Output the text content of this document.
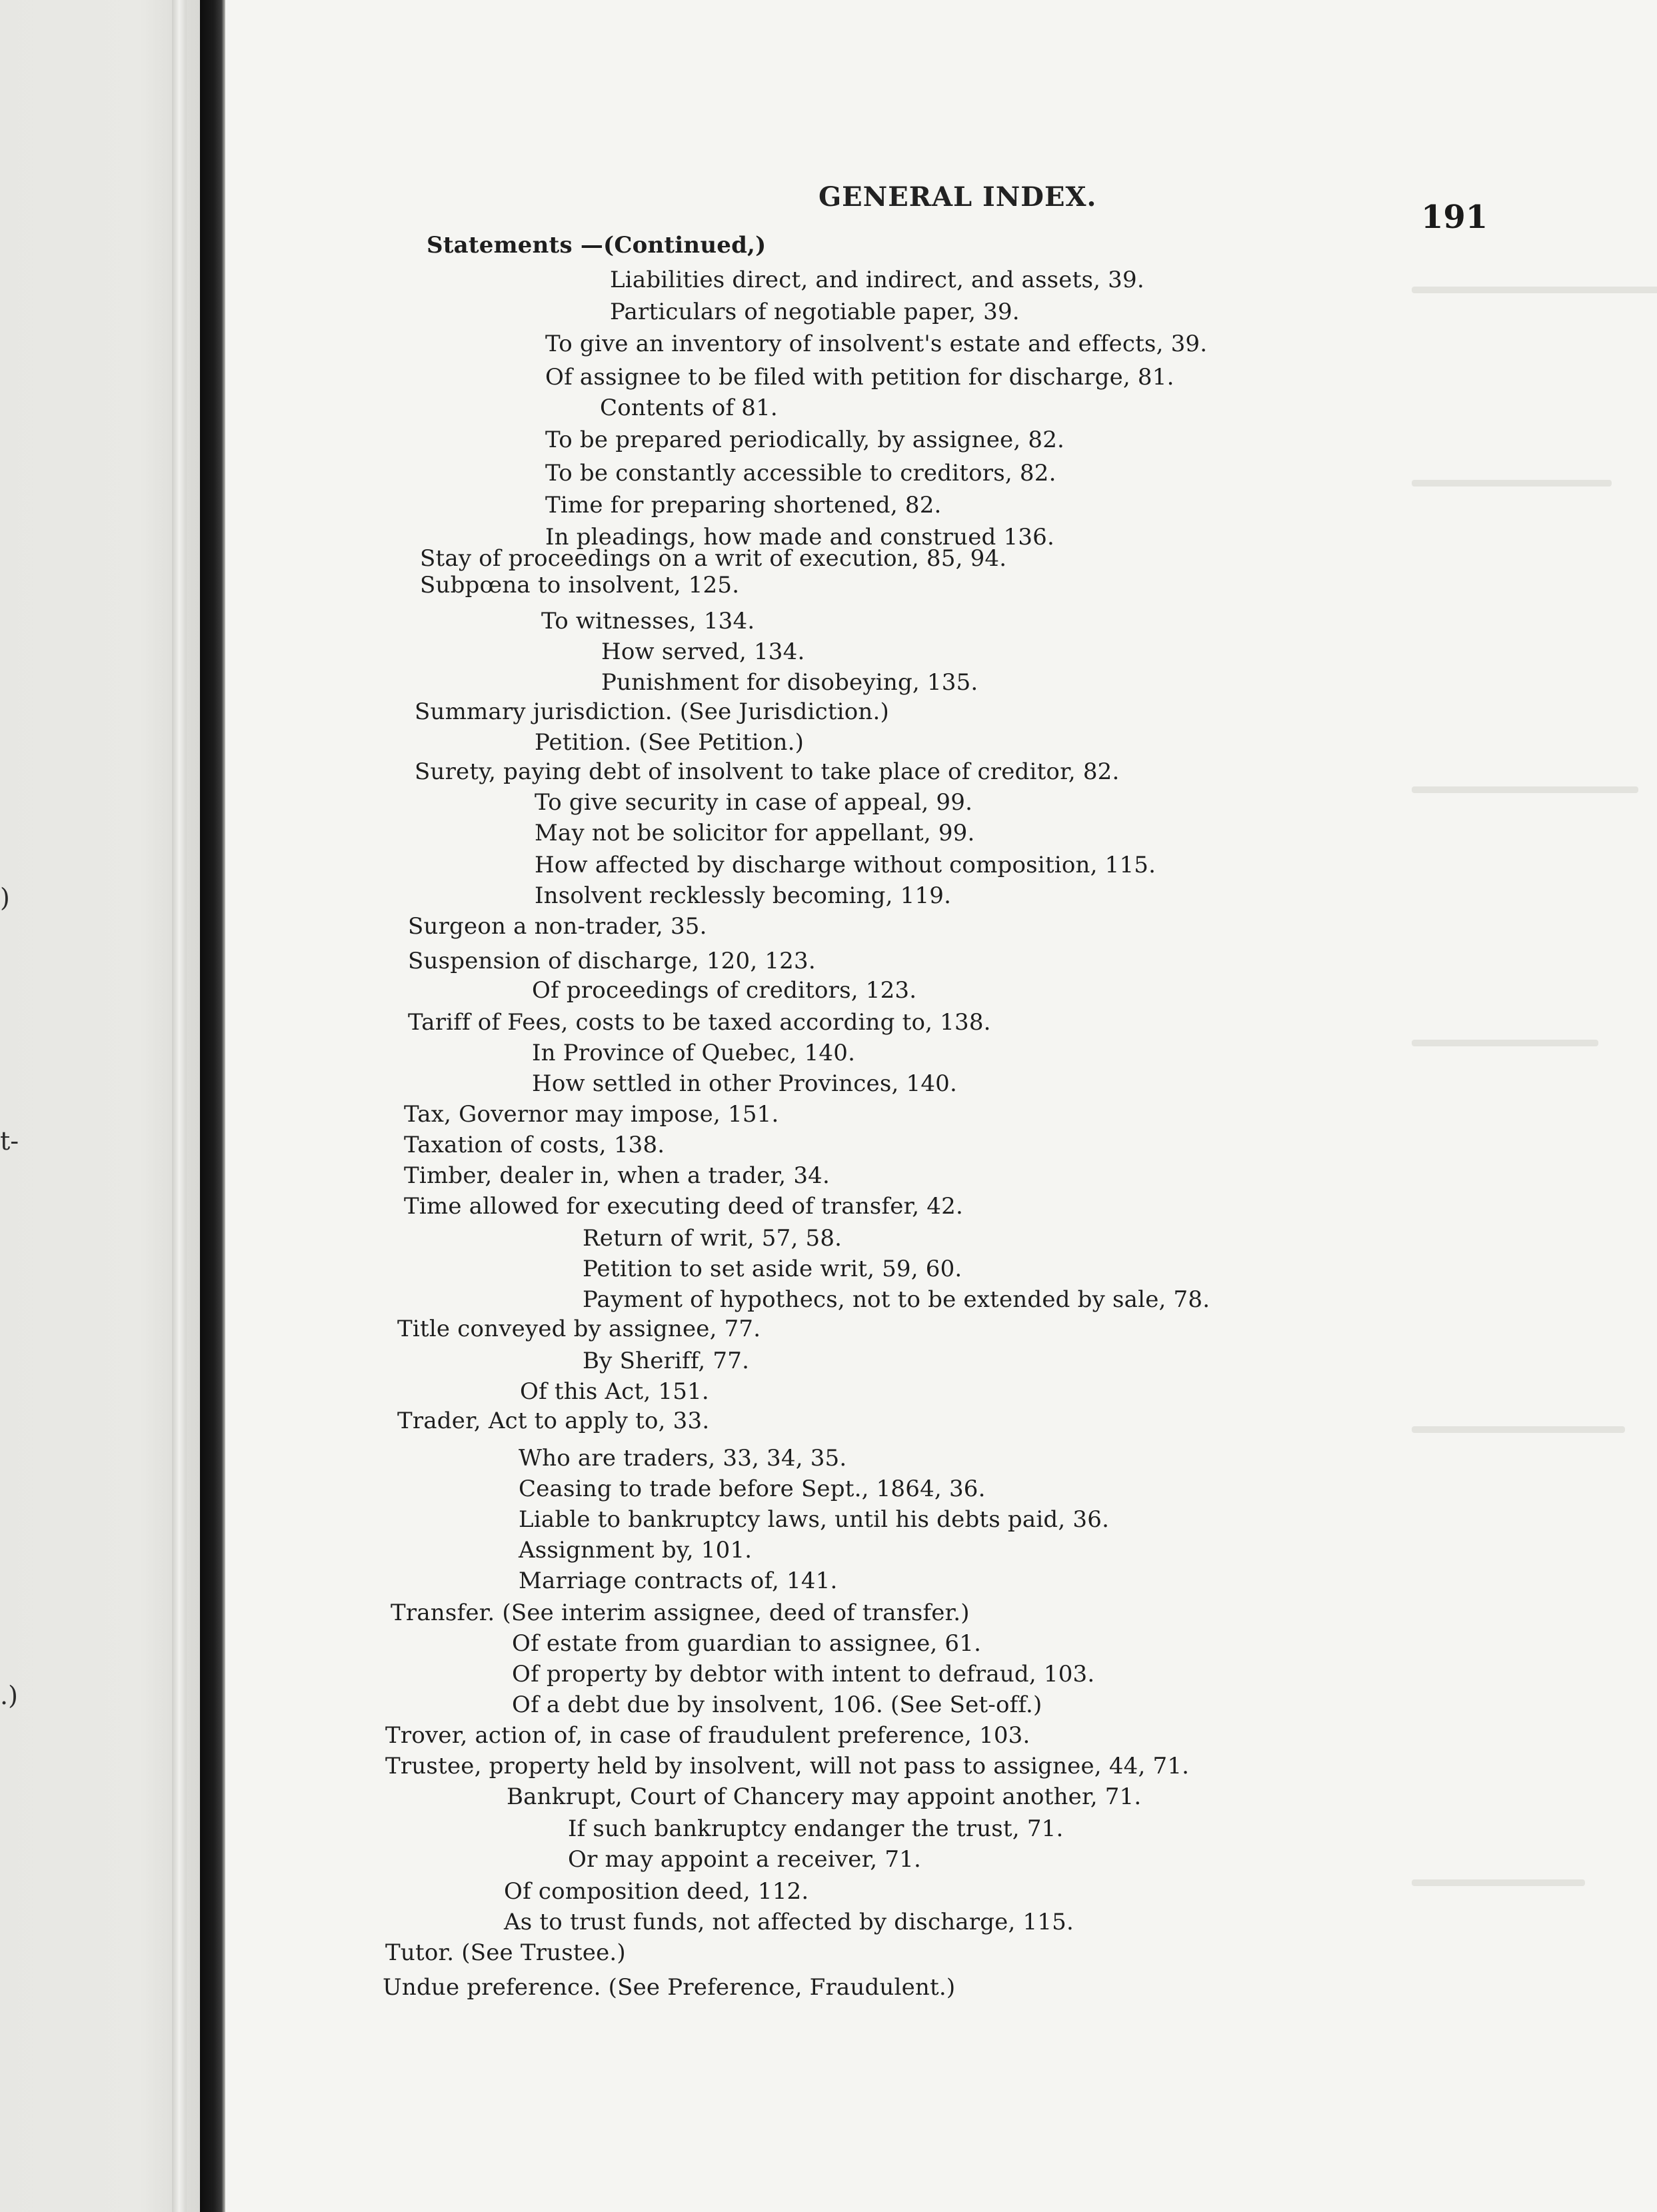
)
t-
.)
GENERAL INDEX.
191
Statements —(Continued,)
Liabilities direct, and indirect, and assets, 39.
Particulars of negotiable paper, 39.
To give an inventory of insolvent's estate and effects, 39.
Of assignee to be filed with petition for discharge, 81.
Contents of 81.
To be prepared periodically, by assignee, 82.
To be constantly accessible to creditors, 82.
Time for preparing shortened, 82.
In pleadings, how made and construed 136.
Stay of proceedings on a writ of execution, 85, 94.
Subpœna to insolvent, 125.
To witnesses, 134.
How served, 134.
Punishment for disobeying, 135.
Summary jurisdiction. (See Jurisdiction.)
Petition. (See Petition.)
Surety, paying debt of insolvent to take place of creditor, 82.
To give security in case of appeal, 99.
May not be solicitor for appellant, 99.
How affected by discharge without composition, 115.
Insolvent recklessly becoming, 119.
Surgeon a non-trader, 35.
Suspension of discharge, 120, 123.
Of proceedings of creditors, 123.
Tariff of Fees, costs to be taxed according to, 138.
In Province of Quebec, 140.
How settled in other Provinces, 140.
Tax, Governor may impose, 151.
Taxation of costs, 138.
Timber, dealer in, when a trader, 34.
Time allowed for executing deed of transfer, 42.
Return of writ, 57, 58.
Petition to set aside writ, 59, 60.
Payment of hypothecs, not to be extended by sale, 78.
Title conveyed by assignee, 77.
By Sheriff, 77.
Of this Act, 151.
Trader, Act to apply to, 33.
Who are traders, 33, 34, 35.
Ceasing to trade before Sept., 1864, 36.
Liable to bankruptcy laws, until his debts paid, 36.
Assignment by, 101.
Marriage contracts of, 141.
Transfer. (See interim assignee, deed of transfer.)
Of estate from guardian to assignee, 61.
Of property by debtor with intent to defraud, 103.
Of a debt due by insolvent, 106. (See Set-off.)
Trover, action of, in case of fraudulent preference, 103.
Trustee, property held by insolvent, will not pass to assignee, 44, 71.
Bankrupt, Court of Chancery may appoint another, 71.
If such bankruptcy endanger the trust, 71.
Or may appoint a receiver, 71.
Of composition deed, 112.
As to trust funds, not affected by discharge, 115.
Tutor. (See Trustee.)
Undue preference. (See Preference, Fraudulent.)
